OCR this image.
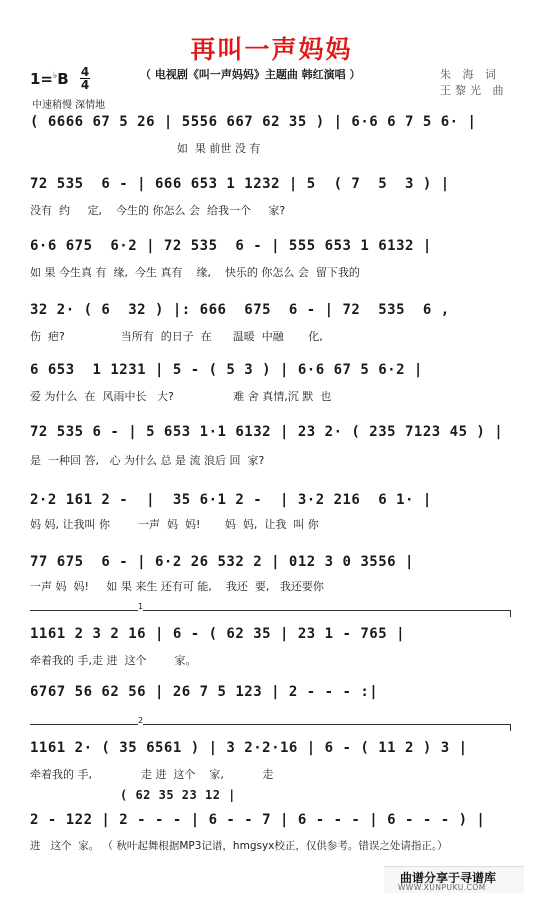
再叫一声妈妈
1=♭B 4
4
（ 电视剧《叫一声妈妈》主题曲 韩红演唱 ）	朱 海 词
王黎光 曲
中速稍慢 深情地
( 6666 67 5 26 | 5556 667 62 35 ) | 6·6 6 7 5 6· |
如  果 前世 没 有
72 535  6 - | 666 653 1 1232 | 5  ( 7  5  3 ) |
没有  约     定,    今生的 你怎么 会  给我一个     家?
6·6 675  6·2 | 72 535  6 - | 555 653 1 6132 |
如 果 今生真 有  缘,  今生 真有    缘,    快乐的 你怎么 会  留下我的
32 2· ( 6  32 ) |: 666  675  6 - | 72  535  6 ,
伤  疤?                当所有  的日子  在      温暖  中融       化,
6 653  1 1231 | 5 - ( 5 3 ) | 6·6 67 5 6·2 |
爱 为什么  在  风雨中长   大?                 难 舍 真情,沉 默  也
72 535 6 - | 5 653 1·1 6132 | 23 2· ( 235 7123 45 ) |
是  一种回 答,   心 为什么 总 是 流 浪后 回  家?
2·2 161 2 -  |  35 6·1 2 -  | 3·2 216  6 1· |
妈 妈, 让我叫 你        一声  妈  妈!       妈  妈,  让我  叫 你
77 675  6 - | 6·2 26 532 2 | 012 3 0 3556 |
一声 妈  妈!     如 果 来生 还有可 能,    我还  要,   我还要你
1
1161 2 3 2 16 | 6 - ( 62 35 | 23 1 - 765 |
牵着我的 手,走 进  这个        家。
6767 56 62 56 | 26 7 5 123 | 2 - - - :|
2
1161 2· ( 35 6561 ) | 3 2·2·16 | 6 - ( 11 2 ) 3 |
牵着我的 手,              走 进  这个    家,           走
( 62 35 23 12 |
2 - 122 | 2 - - - | 6 - - 7 | 6 - - - | 6 - - - ) |
进   这个  家。 （ 秋叶起舞根据MP3记谱，hmgsyx校正，仅供参考。错误之处请指正。）
曲谱分享于寻谱库
WWW.XUNPUKU.COM
